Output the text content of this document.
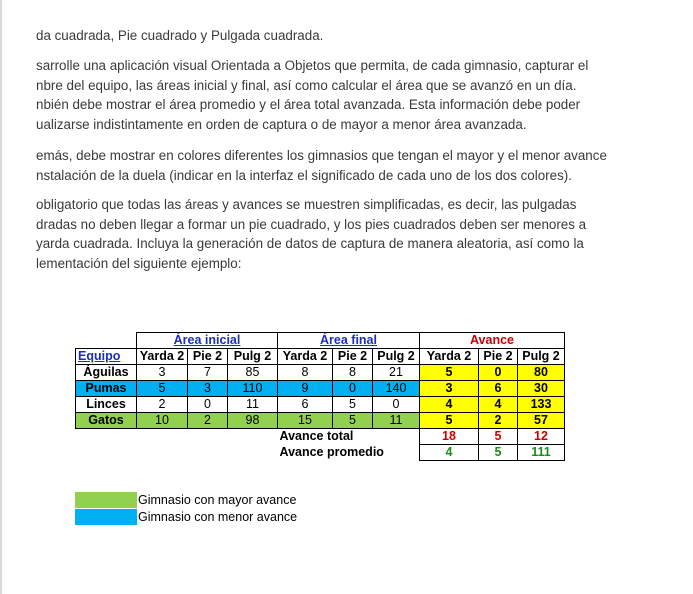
da cuadrada, Pie cuadrado y Pulgada cuadrada.
sarrolle una aplicación visual Orientada a Objetos que permita, de cada gimnasio, capturar el
nbre del equipo, las áreas inicial y final, así como calcular el área que se avanzó en un día.
nbién debe mostrar el área promedio y el área total avanzada. Esta información debe poder
ualizarse indistintamente en orden de captura o de mayor a menor área avanzada.
emás, debe mostrar en colores diferentes los gimnasios que tengan el mayor y el menor avance
nstalación de la duela (indicar en la interfaz el significado de cada uno de los dos colores).
obligatorio que todas las áreas y avances se muestren simplificadas, es decir, las pulgadas
dradas no deben llegar a formar un pie cuadrado, y los pies cuadrados deben ser menores a
yarda cuadrada. Incluya la generación de datos de captura de manera aleatoria, así como la
lementación del siguiente ejemplo:
	Área inicial			Área final			Avance		
Equipo	Yarda 2	Pie 2	Pulg 2	Yarda 2	Pie 2	Pulg 2	Yarda 2	Pie 2	Pulg 2
Águilas	3	7	85	8	8	21	5	0	80
Pumas	5	3	110	9	0	140	3	6	30
Linces	2	0	11	6	5	0	4	4	133
Gatos	10	2	98	15	5	11	5	2	57
				Avance total			18	5	12
				Avance promedio			4	5	111
Gimnasio con mayor avance
Gimnasio con menor avance
